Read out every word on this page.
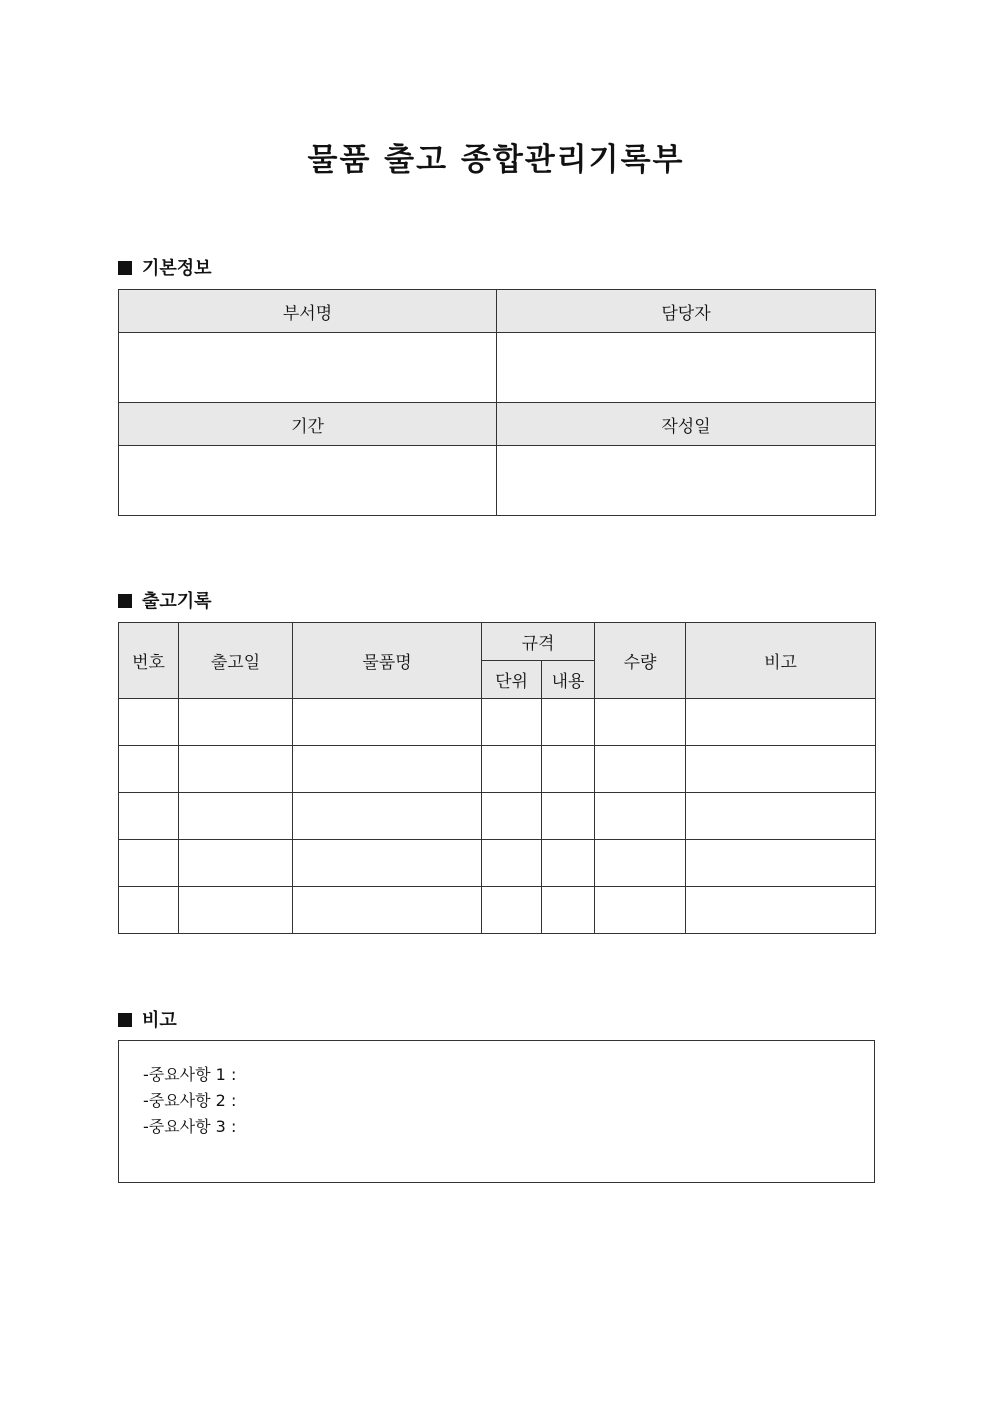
물품 출고 종합관리기록부
기본정보
부서명	담당자

기간	작성일

출고기록
번호	출고일	물품명	규격		수량	비고
			단위	내용		

비고
-중요사항 1 :
-중요사항 2 :
-중요사항 3 :
